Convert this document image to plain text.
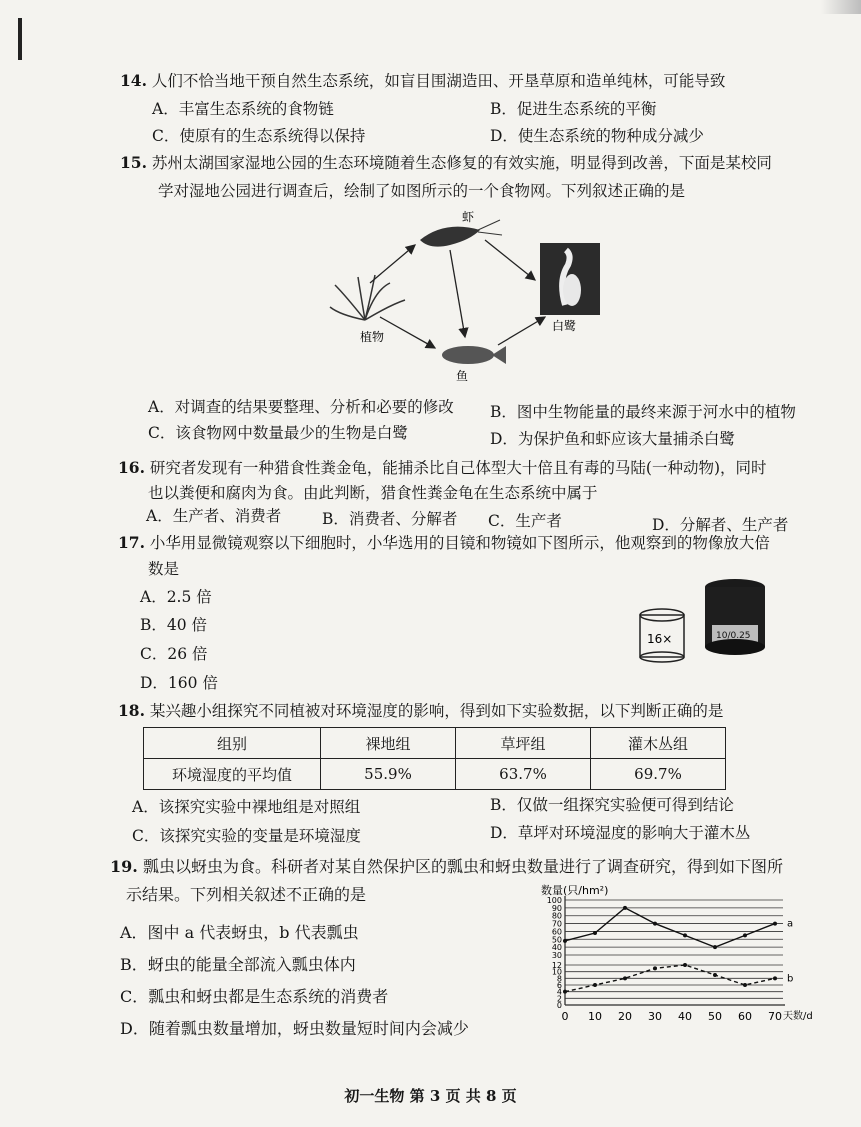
14. 人们不恰当地干预自然生态系统，如盲目围湖造田、开垦草原和造单纯林，可能导致
A．丰富生态系统的食物链	B．促进生态系统的平衡
C．使原有的生态系统得以保持	D．使生态系统的物种成分减少
15. 苏州太湖国家湿地公园的生态环境随着生态修复的有效实施，明显得到改善，下面是某校同
学对湿地公园进行调查后，绘制了如图所示的一个食物网。下列叙述正确的是
虾
植物
鱼
白鹭
A．对调查的结果要整理、分析和必要的修改 B．图中生物能量的最终来源于河水中的植物
C．该食物网中数量最少的生物是白鹭	D．为保护鱼和虾应该大量捕杀白鹭
16. 研究者发现有一种猎食性粪金龟，能捕杀比自己体型大十倍且有毒的马陆(一种动物)，同时
也以粪便和腐肉为食。由此判断，猎食性粪金龟在生态系统中属于
A．生产者、消费者	B．消费者、分解者 C．生产者	D．分解者、生产者
17. 小华用显微镜观察以下细胞时，小华选用的目镜和物镜如下图所示，他观察到的物像放大倍
数是
A．2.5 倍
B．40 倍
C．26 倍
D．160 倍
16×	10/0.25
18. 某兴趣小组探究不同植被对环境湿度的影响，得到如下实验数据，以下判断正确的是
组别	裸地组	草坪组	灌木丛组
环境湿度的平均值	55.9%	63.7%	69.7%
A．该探究实验中裸地组是对照组	B．仅做一组探究实验便可得到结论
C．该探究实验的变量是环境湿度	D．草坪对环境湿度的影响大于灌木丛
19. 瓢虫以蚜虫为食。科研者对某自然保护区的瓢虫和蚜虫数量进行了调查研究，得到如下图所
示结果。下列相关叙述不正确的是
A．图中 a 代表蚜虫，b 代表瓢虫
B．蚜虫的能量全部流入瓢虫体内
C．瓢虫和蚜虫都是生态系统的消费者
D．随着瓢虫数量增加，蚜虫数量短时间内会减少
数量(只/hm²)
天数/d
100
90
80
70
60
50
40
30
12
10
8
6
4
2
0
0 10 20 30 40 50 60 70
a
b
初一生物 第 3 页 共 8 页
